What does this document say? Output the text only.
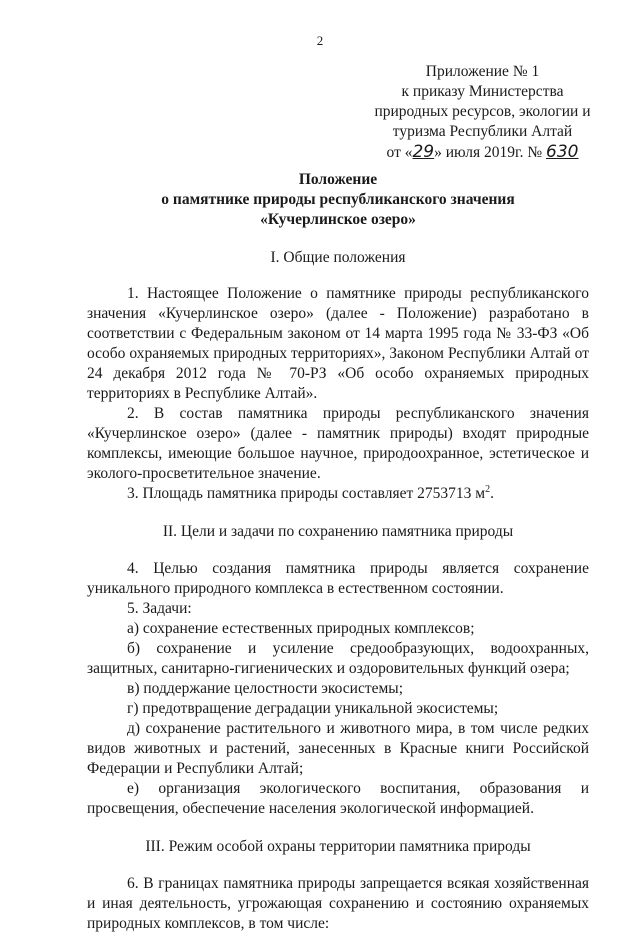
2
Приложение № 1
к приказу Министерства
природных ресурсов, экологии и
туризма Республики Алтай
от «29» июля 2019г. № 630

Положение

о памятнике природы республиканского значения

«Кучерлинское озеро»

I. Общие положения

1. Настоящее Положение о памятнике природы республиканского значения «Кучерлинское озеро» (далее - Положение) разработано в соответствии с Федеральным законом от 14 марта 1995 года № 33-ФЗ «Об особо охраняемых природных территориях», Законом Республики Алтай от 24 декабря 2012 года № 70-РЗ «Об особо охраняемых природных территориях в Республике Алтай».

2. В состав памятника природы республиканского значения «Кучерлинское озеро» (далее - памятник природы) входят природные комплексы, имеющие большое научное, природоохранное, эстетическое и эколого-просветительное значение.

3. Площадь памятника природы составляет 2753713 $м^2$.

II. Цели и задачи по сохранению памятника природы

4. Целью создания памятника природы является сохранение уникального природного комплекса в естественном состоянии.

5. Задачи:

а) сохранение естественных природных комплексов;

б) сохранение и усиление средообразующих, водоохранных, защитных, санитарно-гигиенических и оздоровительных функций озера;

в) поддержание целостности экосистемы;

г) предотвращение деградации уникальной экосистемы;

д) сохранение растительного и животного мира, в том числе редких видов животных и растений, занесенных в Красные книги Российской Федерации и Республики Алтай;

е) организация экологического воспитания, образования и просвещения, обеспечение населения экологической информацией.

III. Режим особой охраны территории памятника природы

6. В границах памятника природы запрещается всякая хозяйственная и иная деятельность, угрожающая сохранению и состоянию охраняемых природных комплексов, в том числе:
